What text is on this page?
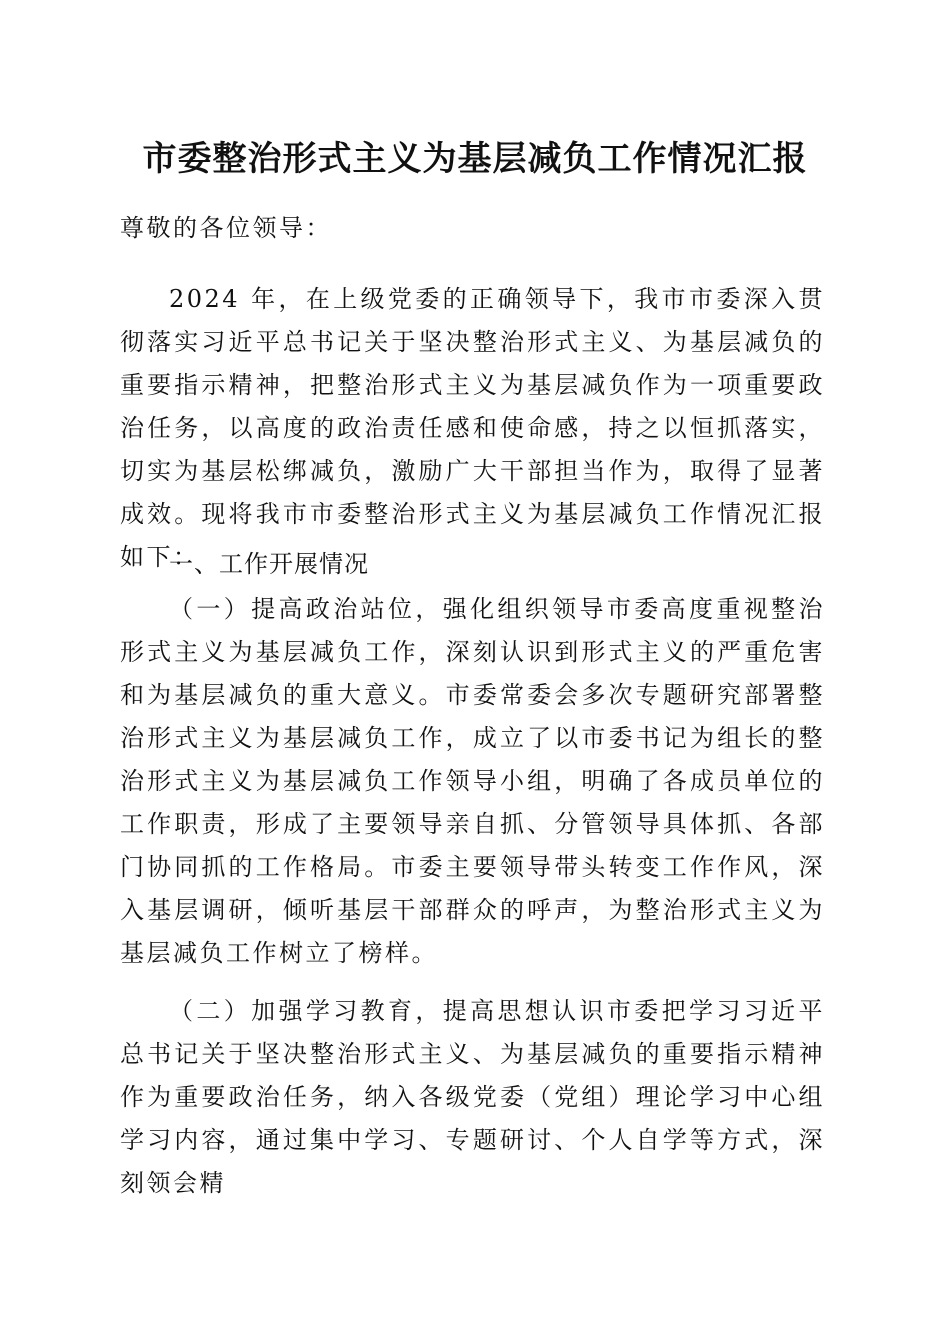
市委整治形式主义为基层减负工作情况汇报

尊敬的各位领导：

2024 年，在上级党委的正确领导下，我市市委深入贯彻落实习近平总书记关于坚决整治形式主义、为基层减负的重要指示精神，把整治形式主义为基层减负作为一项重要政治任务，以高度的政治责任感和使命感，持之以恒抓落实，切实为基层松绑减负，激励广大干部担当作为，取得了显著成效。现将我市市委整治形式主义为基层减负工作情况汇报如下：

一、工作开展情况

（一）提高政治站位，强化组织领导市委高度重视整治形式主义为基层减负工作，深刻认识到形式主义的严重危害和为基层减负的重大意义。市委常委会多次专题研究部署整治形式主义为基层减负工作，成立了以市委书记为组长的整治形式主义为基层减负工作领导小组，明确了各成员单位的工作职责，形成了主要领导亲自抓、分管领导具体抓、各部门协同抓的工作格局。市委主要领导带头转变工作作风，深入基层调研，倾听基层干部群众的呼声，为整治形式主义为基层减负工作树立了榜样。

（二）加强学习教育，提高思想认识市委把学习习近平总书记关于坚决整治形式主义、为基层减负的重要指示精神作为重要政治任务，纳入各级党委（党组）理论学习中心组学习内容，通过集中学习、专题研讨、个人自学等方式，深刻领会精
